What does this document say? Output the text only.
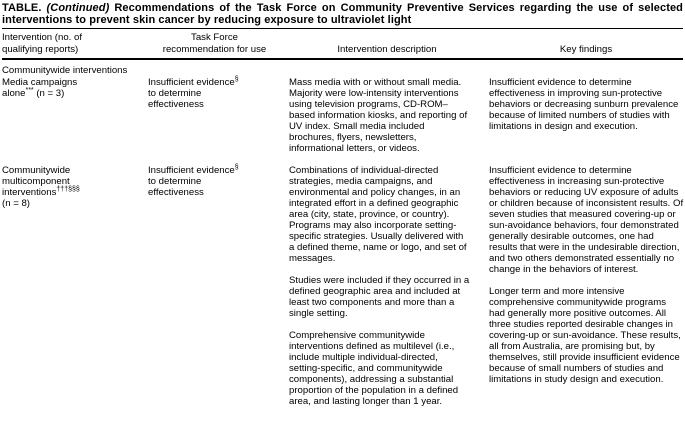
TABLE. (Continued) Recommendations of the Task Force on Community Preventive Services regarding the use of selected interventions to prevent skin cancer by reducing exposure to ultraviolet light
Intervention (no. of qualifying reports)
Task Force recommendation for use	Intervention description	Key findings
Communitywide interventions
Media campaigns alone*** (n = 3)
Insufficient evidence§ to determine effectiveness

Mass media with or without small media. Majority were low-intensity interventions using television programs, CD-ROM–based information kiosks, and reporting of UV index. Small media included brochures, flyers, newsletters, informational letters, or videos.

Insufficient evidence to determine effectiveness in improving sun-protective behaviors or decreasing sunburn prevalence because of limited numbers of studies with limitations in design and execution.

Communitywide multicomponent interventions†††§§§ (n = 8)
Insufficient evidence§ to determine effectiveness

Combinations of individual-directed strategies, media campaigns, and environmental and policy changes, in an integrated effort in a defined geographic area (city, state, province, or country). Programs may also incorporate setting-specific strategies. Usually delivered with a defined theme, name or logo, and set of messages.

Studies were included if they occurred in a defined geographic area and included at least two components and more than a single setting.

Comprehensive communitywide interventions defined as multilevel (i.e., include multiple individual-directed, setting-specific, and communitywide components), addressing a substantial proportion of the population in a defined area, and lasting longer than 1 year.

Insufficient evidence to determine effectiveness in increasing sun-protective behaviors or reducing UV exposure of adults or children because of inconsistent results. Of seven studies that measured covering-up or sun-avoidance behaviors, four demonstrated generally desirable outcomes, one had results that were in the undesirable direction, and two others demonstrated essentially no change in the behaviors of interest.

Longer term and more intensive comprehensive communitywide programs had generally more positive outcomes. All three studies reported desirable changes in covering-up or sun-avoidance. These results, all from Australia, are promising but, by themselves, still provide insufficient evidence because of small numbers of studies and limitations in study design and execution.
